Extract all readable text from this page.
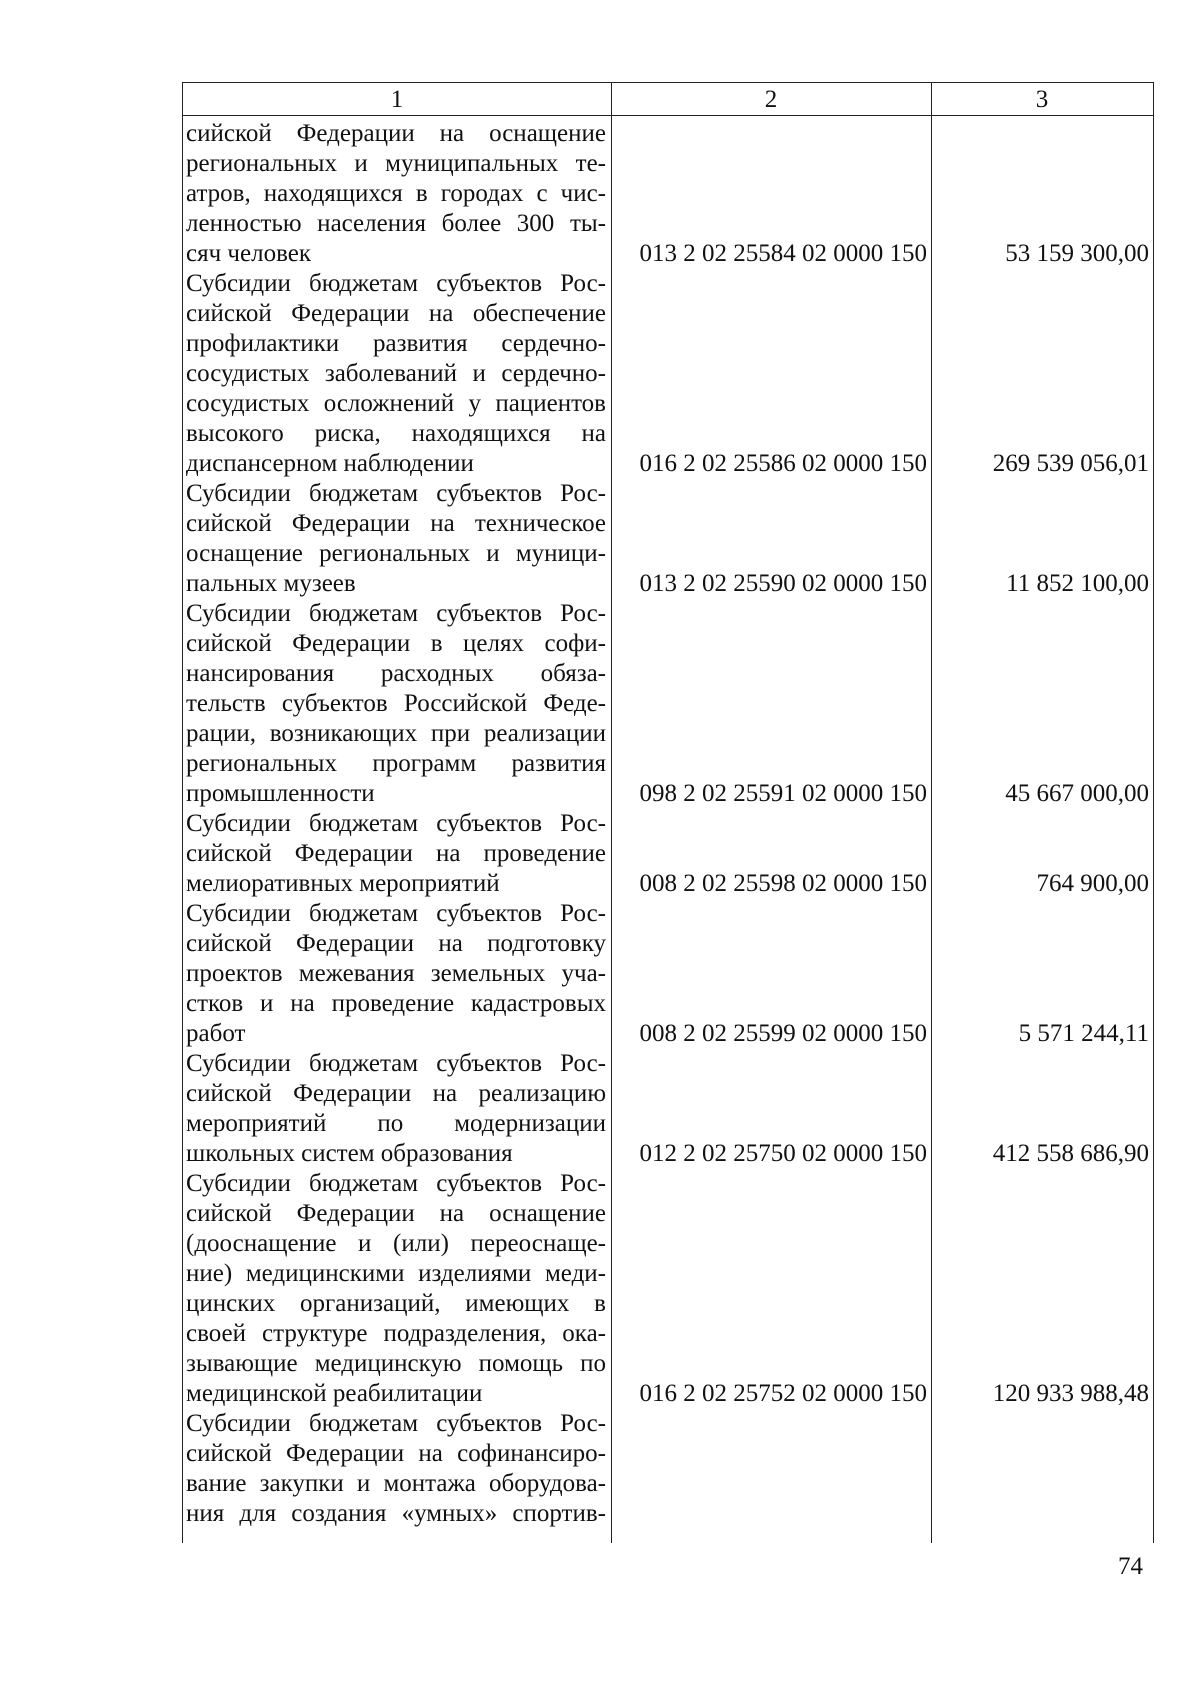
1	2	3
сийской Федерации на оснащение
региональных и муниципальных те-
атров, находящихся в городах с чис-
ленностью населения более 300 ты-
сяч человек	013 2 02 25584 02 0000 150	53 159 300,00
Субсидии бюджетам субъектов Рос-
сийской Федерации на обеспечение
профилактики развития сердечно-
сосудистых заболеваний и сердечно-
сосудистых осложнений у пациентов
высокого риска, находящихся на
диспансерном наблюдении	016 2 02 25586 02 0000 150	269 539 056,01
Субсидии бюджетам субъектов Рос-
сийской Федерации на техническое
оснащение региональных и муници-
пальных музеев	013 2 02 25590 02 0000 150	11 852 100,00
Субсидии бюджетам субъектов Рос-
сийской Федерации в целях софи-
нансирования расходных обяза-
тельств субъектов Российской Феде-
рации, возникающих при реализации
региональных программ развития
промышленности	098 2 02 25591 02 0000 150	45 667 000,00
Субсидии бюджетам субъектов Рос-
сийской Федерации на проведение
мелиоративных мероприятий	008 2 02 25598 02 0000 150	764 900,00
Субсидии бюджетам субъектов Рос-
сийской Федерации на подготовку
проектов межевания земельных уча-
стков и на проведение кадастровых
работ	008 2 02 25599 02 0000 150	5 571 244,11
Субсидии бюджетам субъектов Рос-
сийской Федерации на реализацию
мероприятий по модернизации
школьных систем образования	012 2 02 25750 02 0000 150	412 558 686,90
Субсидии бюджетам субъектов Рос-
сийской Федерации на оснащение
(дооснащение и (или) переоснаще-
ние) медицинскими изделиями меди-
цинских организаций, имеющих в
своей структуре подразделения, ока-
зывающие медицинскую помощь по
медицинской реабилитации	016 2 02 25752 02 0000 150	120 933 988,48
Субсидии бюджетам субъектов Рос-
сийской Федерации на софинансиро-
вание закупки и монтажа оборудова-
ния для создания «умных» спортив-
74
